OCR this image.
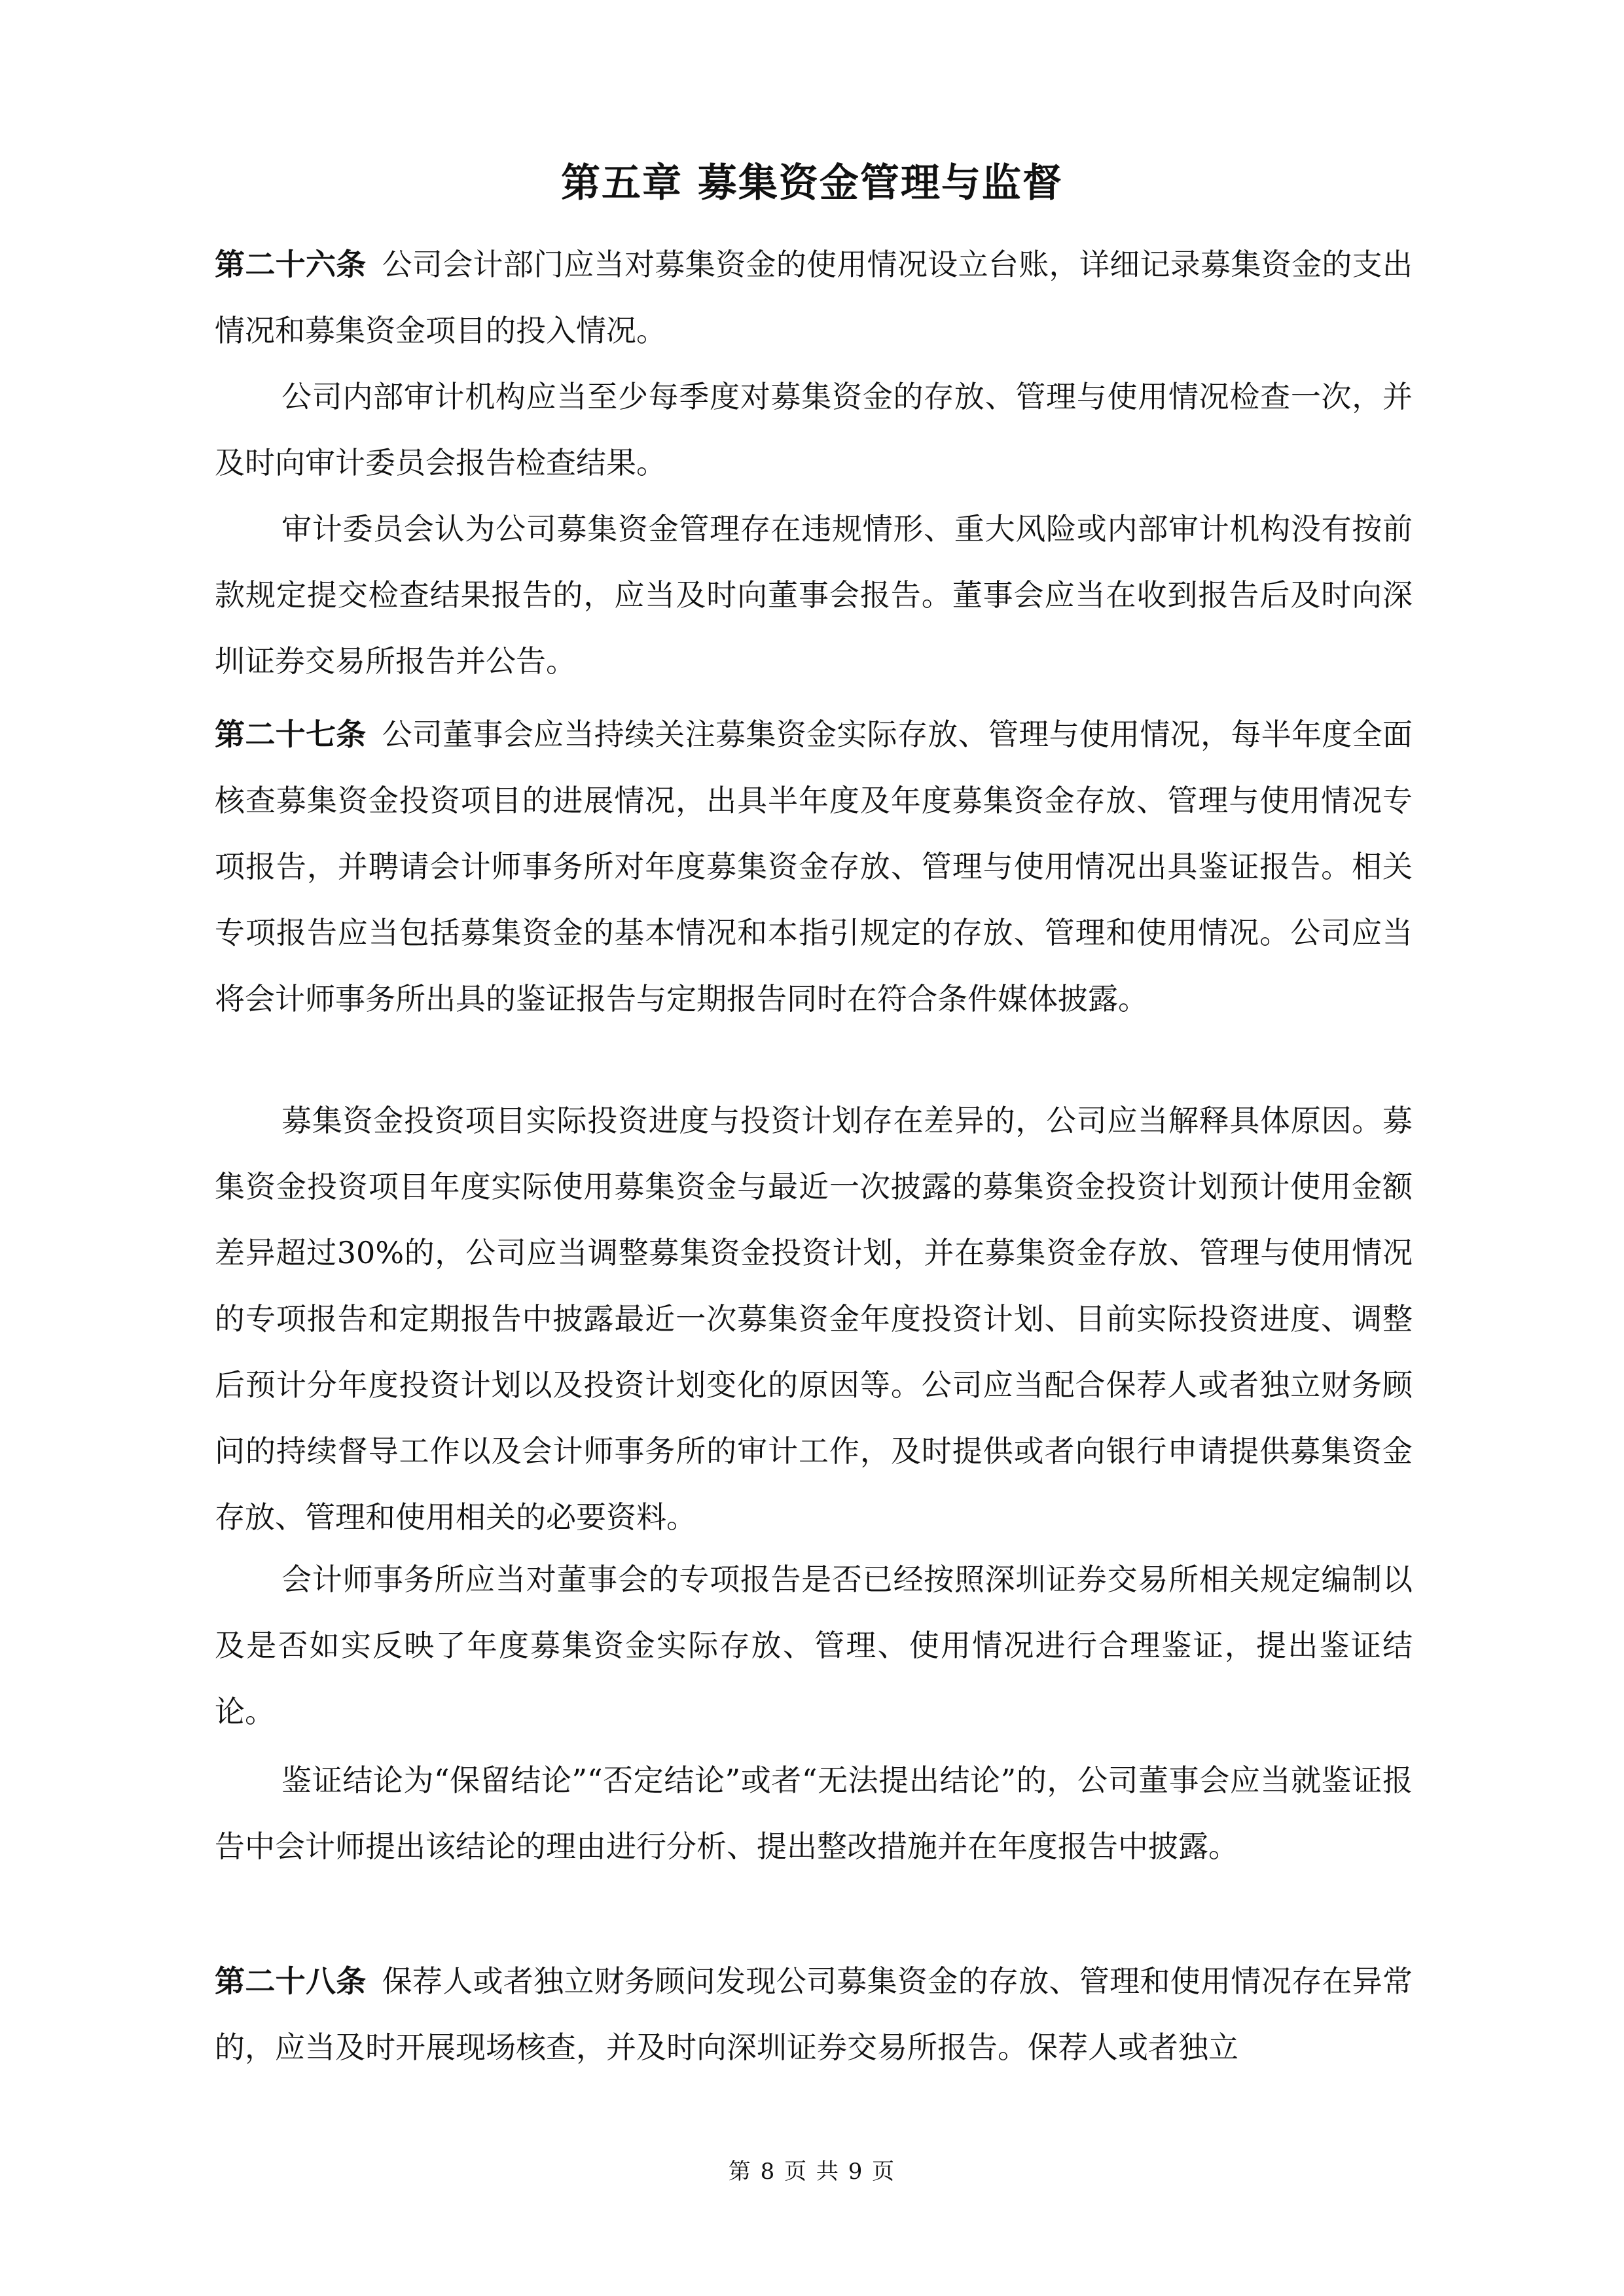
第五章 募集资金管理与监督

第二十六条 公司会计部门应当对募集资金的使用情况设立台账，详细记录募集资金的支出情况和募集资金项目的投入情况。

公司内部审计机构应当至少每季度对募集资金的存放、管理与使用情况检查一次，并及时向审计委员会报告检查结果。

审计委员会认为公司募集资金管理存在违规情形、重大风险或内部审计机构没有按前款规定提交检查结果报告的，应当及时向董事会报告。董事会应当在收到报告后及时向深圳证券交易所报告并公告。

第二十七条 公司董事会应当持续关注募集资金实际存放、管理与使用情况，每半年度全面核查募集资金投资项目的进展情况，出具半年度及年度募集资金存放、管理与使用情况专项报告，并聘请会计师事务所对年度募集资金存放、管理与使用情况出具鉴证报告。相关专项报告应当包括募集资金的基本情况和本指引规定的存放、管理和使用情况。公司应当将会计师事务所出具的鉴证报告与定期报告同时在符合条件媒体披露。

募集资金投资项目实际投资进度与投资计划存在差异的，公司应当解释具体原因。募集资金投资项目年度实际使用募集资金与最近一次披露的募集资金投资计划预计使用金额差异超过30%的，公司应当调整募集资金投资计划，并在募集资金存放、管理与使用情况的专项报告和定期报告中披露最近一次募集资金年度投资计划、目前实际投资进度、调整后预计分年度投资计划以及投资计划变化的原因等。公司应当配合保荐人或者独立财务顾问的持续督导工作以及会计师事务所的审计工作，及时提供或者向银行申请提供募集资金存放、管理和使用相关的必要资料。

会计师事务所应当对董事会的专项报告是否已经按照深圳证券交易所相关规定编制以及是否如实反映了年度募集资金实际存放、管理、使用情况进行合理鉴证，提出鉴证结论。

鉴证结论为“保留结论”“否定结论”或者“无法提出结论”的，公司董事会应当就鉴证报告中会计师提出该结论的理由进行分析、提出整改措施并在年度报告中披露。

第二十八条 保荐人或者独立财务顾问发现公司募集资金的存放、管理和使用情况存在异常的，应当及时开展现场核查，并及时向深圳证券交易所报告。保荐人或者独立

第 8 页 共 9 页
